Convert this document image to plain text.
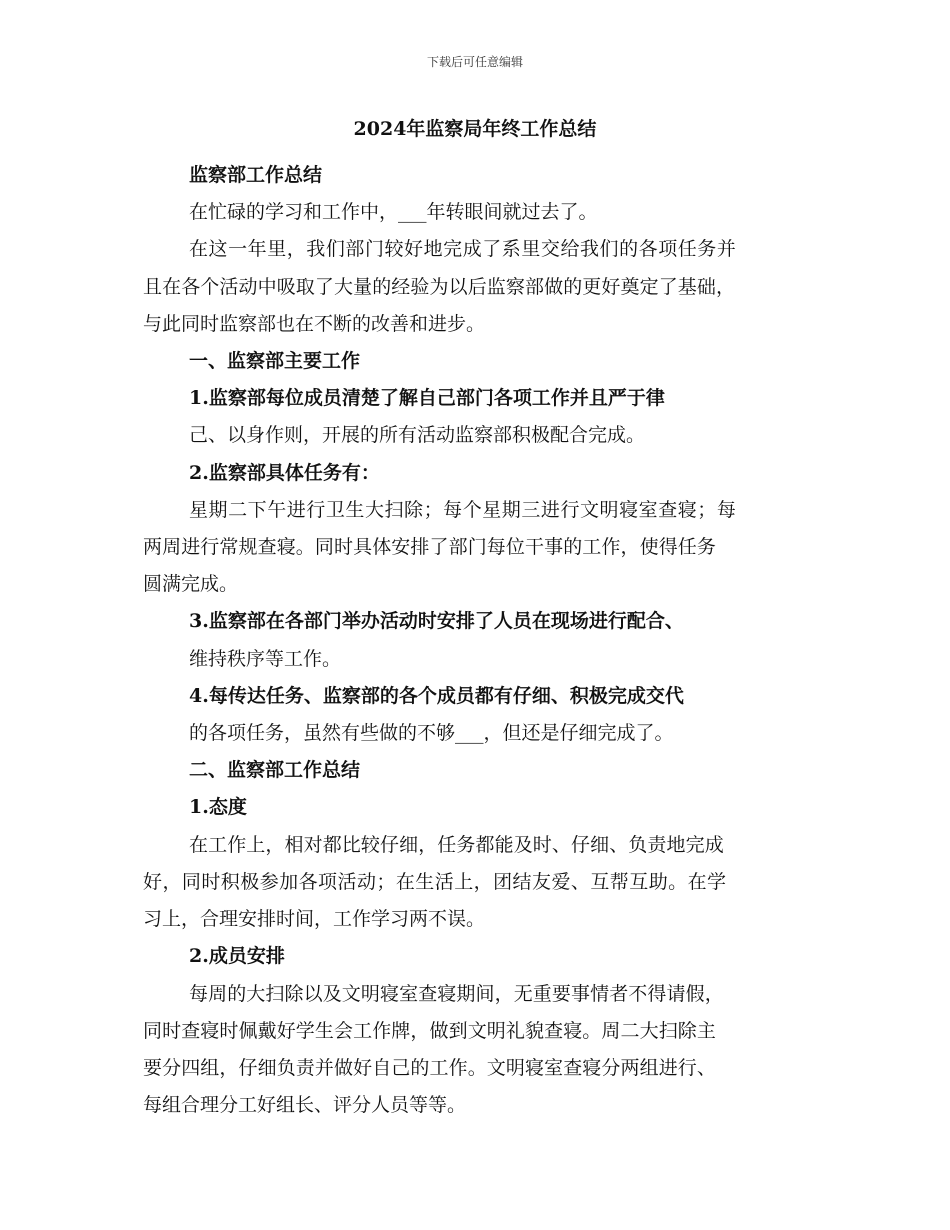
下载后可任意编辑
2024年监察局年终工作总结
监察部工作总结
在忙碌的学习和工作中，___年转眼间就过去了。
在这一年里，我们部门较好地完成了系里交给我们的各项任务并
且在各个活动中吸取了大量的经验为以后监察部做的更好奠定了基础，
与此同时监察部也在不断的改善和进步。
一、监察部主要工作
1.监察部每位成员清楚了解自己部门各项工作并且严于律
己、以身作则，开展的所有活动监察部积极配合完成。
2.监察部具体任务有：
星期二下午进行卫生大扫除；每个星期三进行文明寝室查寝；每
两周进行常规查寝。同时具体安排了部门每位干事的工作，使得任务
圆满完成。
3.监察部在各部门举办活动时安排了人员在现场进行配合、
维持秩序等工作。
4.每传达任务、监察部的各个成员都有仔细、积极完成交代
的各项任务，虽然有些做的不够___，但还是仔细完成了。
二、监察部工作总结
1.态度
在工作上，相对都比较仔细，任务都能及时、仔细、负责地完成
好，同时积极参加各项活动；在生活上，团结友爱、互帮互助。在学
习上，合理安排时间，工作学习两不误。
2.成员安排
每周的大扫除以及文明寝室查寝期间，无重要事情者不得请假，
同时查寝时佩戴好学生会工作牌，做到文明礼貌查寝。周二大扫除主
要分四组，仔细负责并做好自己的工作。文明寝室查寝分两组进行、
每组合理分工好组长、评分人员等等。
